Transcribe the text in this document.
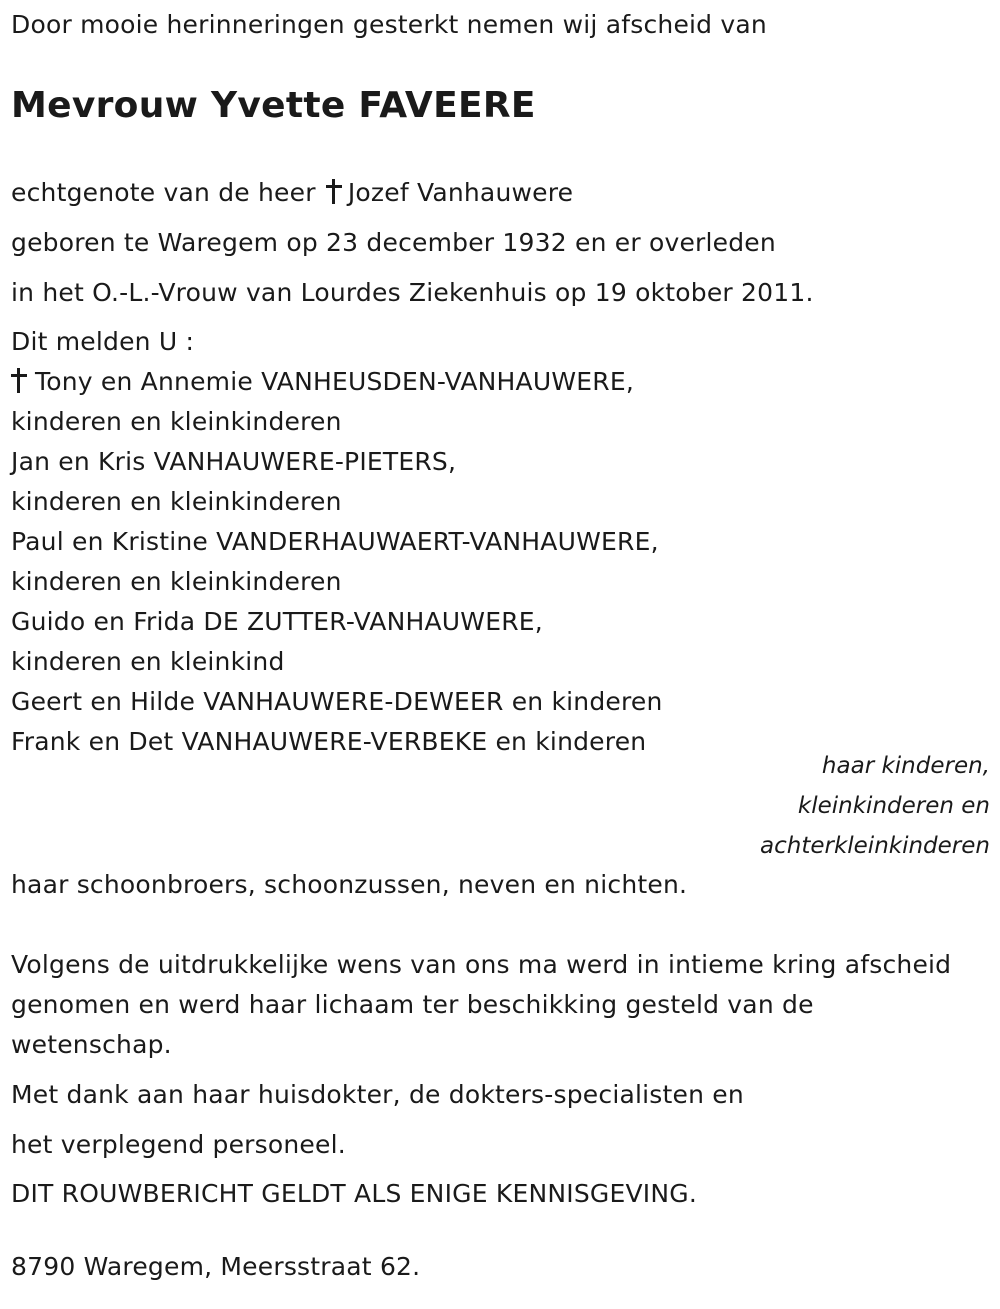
Door mooie herinneringen gesterkt nemen wij afscheid van
Mevrouw Yvette FAVEERE
echtgenote van de heer Jozef Vanhauwere
geboren te Waregem op 23 december 1932 en er overleden
in het O.-L.-Vrouw van Lourdes Ziekenhuis op 19 oktober 2011.
Dit melden U :
Tony en Annemie VANHEUSDEN-VANHAUWERE,
kinderen en kleinkinderen
Jan en Kris VANHAUWERE-PIETERS,
kinderen en kleinkinderen
Paul en Kristine VANDERHAUWAERT-VANHAUWERE,
kinderen en kleinkinderen
Guido en Frida DE ZUTTER-VANHAUWERE,
kinderen en kleinkind
Geert en Hilde VANHAUWERE-DEWEER en kinderen
Frank en Det VANHAUWERE-VERBEKE en kinderen
haar kinderen,
kleinkinderen en
achterkleinkinderen
haar schoonbroers, schoonzussen, neven en nichten.
Volgens de uitdrukkelijke wens van ons ma werd in intieme kring afscheid
genomen en werd haar lichaam ter beschikking gesteld van de
wetenschap.
Met dank aan haar huisdokter, de dokters-specialisten en
het verplegend personeel.
DIT ROUWBERICHT GELDT ALS ENIGE KENNISGEVING.
8790 Waregem, Meersstraat 62.
